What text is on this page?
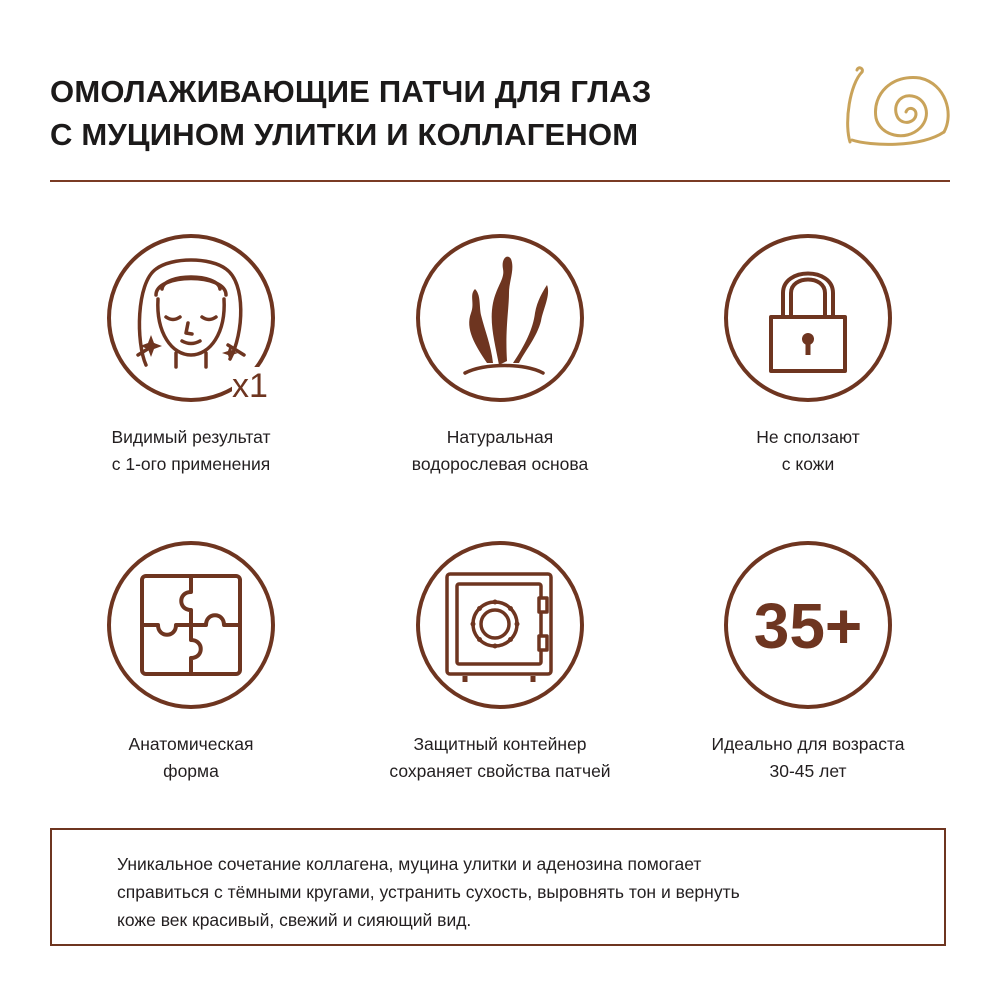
ОМОЛАЖИВАЮЩИЕ ПАТЧИ ДЛЯ ГЛАЗ
С МУЦИНОМ УЛИТКИ И КОЛЛАГЕНОМ
x1
Видимый результат
с 1-ого применения
Натуральная
водорослевая основа
Не сползают
с кожи
Анатомическая
форма
Защитный контейнер
сохраняет свойства патчей
35+
Идеально для возраста
30-45 лет

Уникальное сочетание коллагена, муцина улитки и аденозина помогает
справиться с тёмными кругами, устранить сухость, выровнять тон и вернуть
коже век красивый, свежий и сияющий вид.
